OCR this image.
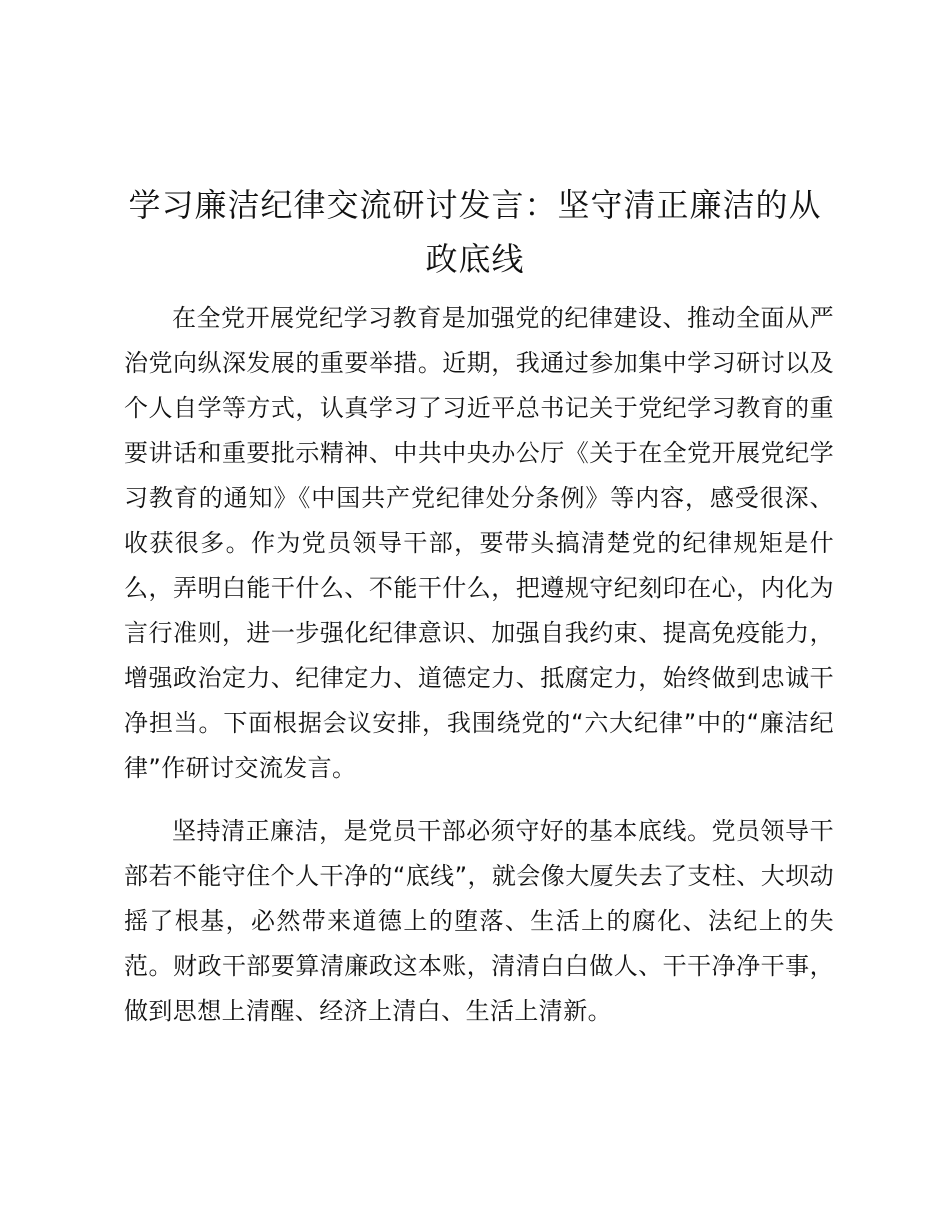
学习廉洁纪律交流研讨发言：坚守清正廉洁的从政底线

在全党开展党纪学习教育是加强党的纪律建设、推动全面从严治党向纵深发展的重要举措。近期，我通过参加集中学习研讨以及个人自学等方式，认真学习了习近平总书记关于党纪学习教育的重要讲话和重要批示精神、中共中央办公厅《关于在全党开展党纪学习教育的通知》《中国共产党纪律处分条例》等内容，感受很深、收获很多。作为党员领导干部，要带头搞清楚党的纪律规矩是什么，弄明白能干什么、不能干什么，把遵规守纪刻印在心，内化为言行准则，进一步强化纪律意识、加强自我约束、提高免疫能力，增强政治定力、纪律定力、道德定力、抵腐定力，始终做到忠诚干净担当。下面根据会议安排，我围绕党的“六大纪律”中的“廉洁纪律”作研讨交流发言。

坚持清正廉洁，是党员干部必须守好的基本底线。党员领导干部若不能守住个人干净的“底线”，就会像大厦失去了支柱、大坝动摇了根基，必然带来道德上的堕落、生活上的腐化、法纪上的失范。财政干部要算清廉政这本账，清清白白做人、干干净净干事，做到思想上清醒、经济上清白、生活上清新。
